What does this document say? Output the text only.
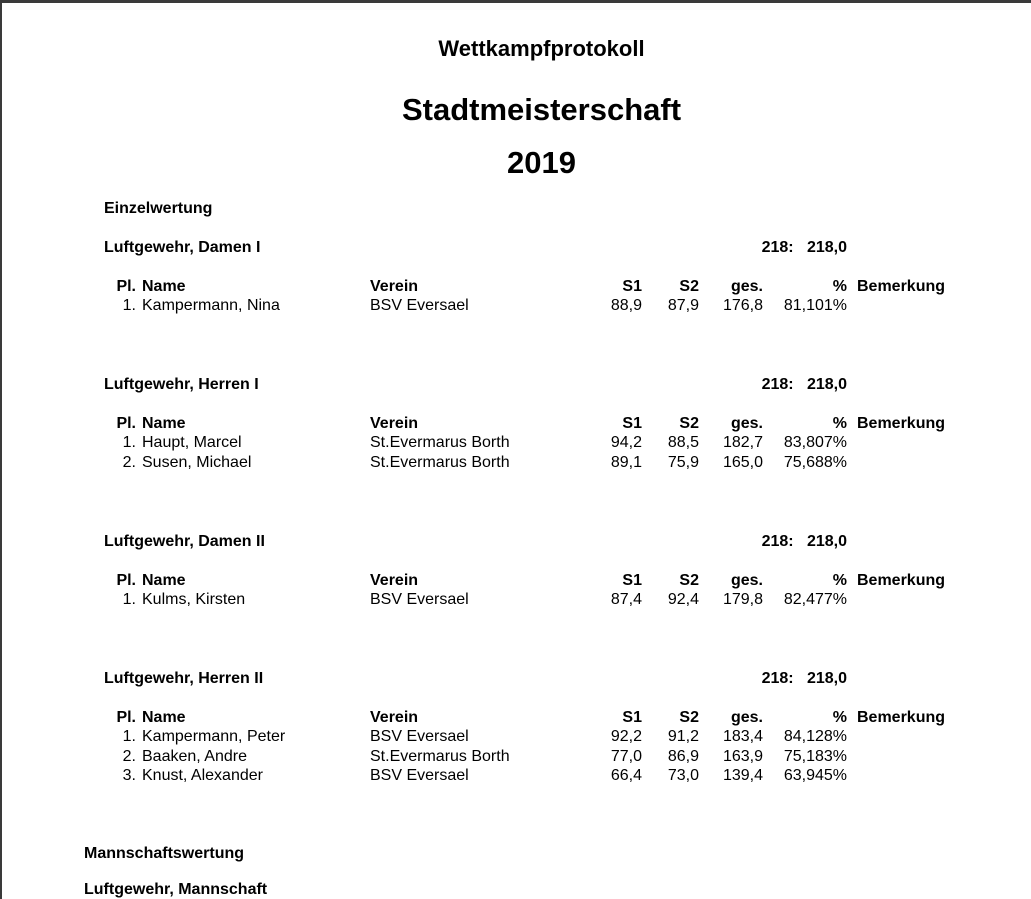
Wettkampfprotokoll
Stadtmeisterschaft
2019
Einzelwertung
Luftgewehr, Damen I	218:   218,0
Pl. Name	Verein	S1	S2	ges.	% Bemerkung
1. Kampermann, Nina	BSV Eversael	88,9	87,9	176,8	81,101%
Luftgewehr, Herren I	218:   218,0
Pl. Name	Verein	S1	S2	ges.	% Bemerkung
1. Haupt, Marcel	St.Evermarus Borth	94,2	88,5	182,7	83,807%
2. Susen, Michael	St.Evermarus Borth	89,1	75,9	165,0	75,688%
Luftgewehr, Damen II	218:   218,0
Pl. Name	Verein	S1	S2	ges.	% Bemerkung
1. Kulms, Kirsten	BSV Eversael	87,4	92,4	179,8	82,477%
Luftgewehr, Herren II	218:   218,0
Pl. Name	Verein	S1	S2	ges.	% Bemerkung
1. Kampermann, Peter	BSV Eversael	92,2	91,2	183,4	84,128%
2. Baaken, Andre	St.Evermarus Borth	77,0	86,9	163,9	75,183%
3. Knust, Alexander	BSV Eversael	66,4	73,0	139,4	63,945%
Mannschaftswertung
Luftgewehr, Mannschaft
